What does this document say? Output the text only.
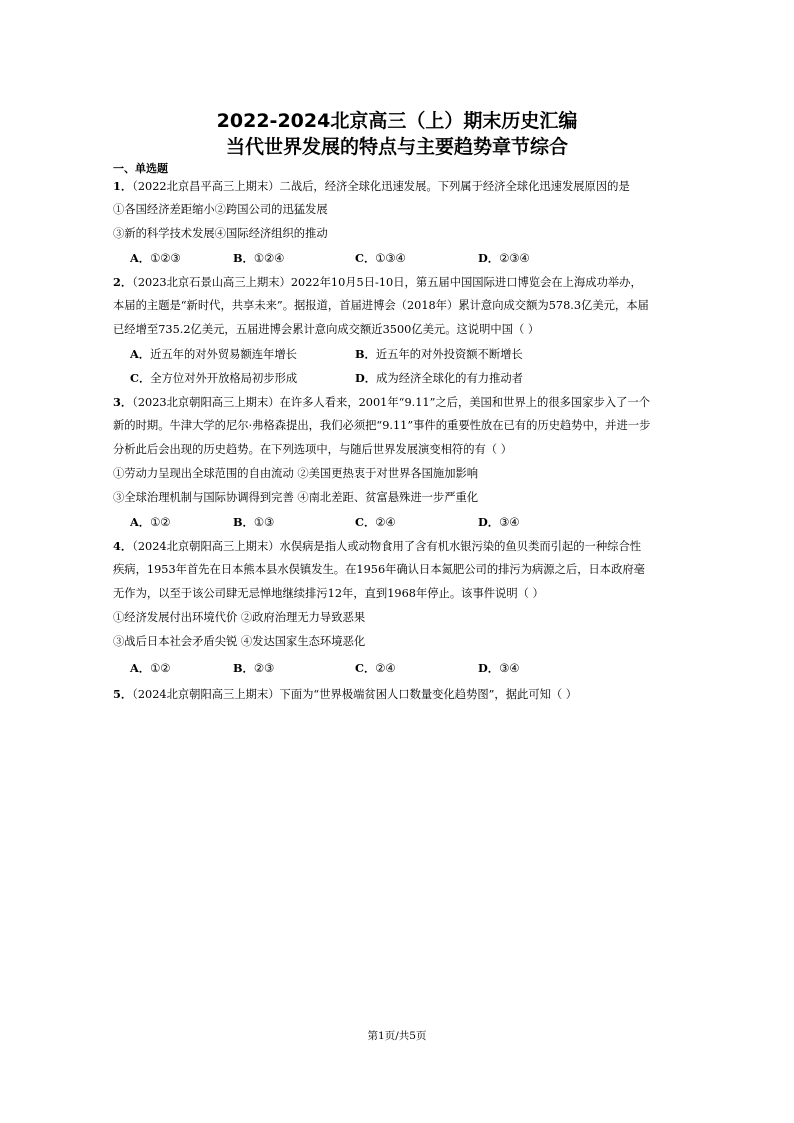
2022-2024北京高三（上）期末历史汇编
当代世界发展的特点与主要趋势章节综合
一、单选题
1．（2022北京昌平高三上期末）二战后，经济全球化迅速发展。下列属于经济全球化迅速发展原因的是
①各国经济差距缩小②跨国公司的迅猛发展
③新的科学技术发展④国际经济组织的推动
A．①②③	B．①②④	C．①③④	D．②③④
2．（2023北京石景山高三上期末）2022年10月5日-10日，第五届中国国际进口博览会在上海成功举办，
本届的主题是“新时代，共享未来”。据报道，首届进博会（2018年）累计意向成交额为578.3亿美元，本届
已经增至735.2亿美元，五届进博会累计意向成交额近3500亿美元。这说明中国（ ）
A．近五年的对外贸易额连年增长	B．近五年的对外投资额不断增长
C．全方位对外开放格局初步形成	D．成为经济全球化的有力推动者
3．（2023北京朝阳高三上期末）在许多人看来，2001年“9.11”之后，美国和世界上的很多国家步入了一个
新的时期。牛津大学的尼尔·弗格森提出，我们必须把“9.11”事件的重要性放在已有的历史趋势中，并进一步
分析此后会出现的历史趋势。在下列选项中，与随后世界发展演变相符的有（ ）
①劳动力呈现出全球范围的自由流动 ②美国更热衷于对世界各国施加影响
③全球治理机制与国际协调得到完善 ④南北差距、贫富悬殊进一步严重化
A．①②	B．①③	C．②④	D．③④
4．（2024北京朝阳高三上期末）水俣病是指人或动物食用了含有机水银污染的鱼贝类而引起的一种综合性
疾病，1953年首先在日本熊本县水俣镇发生。在1956年确认日本氮肥公司的排污为病源之后，日本政府毫
无作为，以至于该公司肆无忌惮地继续排污12年，直到1968年停止。该事件说明（ ）
①经济发展付出环境代价 ②政府治理无力导致恶果
③战后日本社会矛盾尖锐 ④发达国家生态环境恶化
A．①②	B．②③	C．②④	D．③④
5．（2024北京朝阳高三上期末）下面为“世界极端贫困人口数量变化趋势图”，据此可知（ ）
第1页/共5页
